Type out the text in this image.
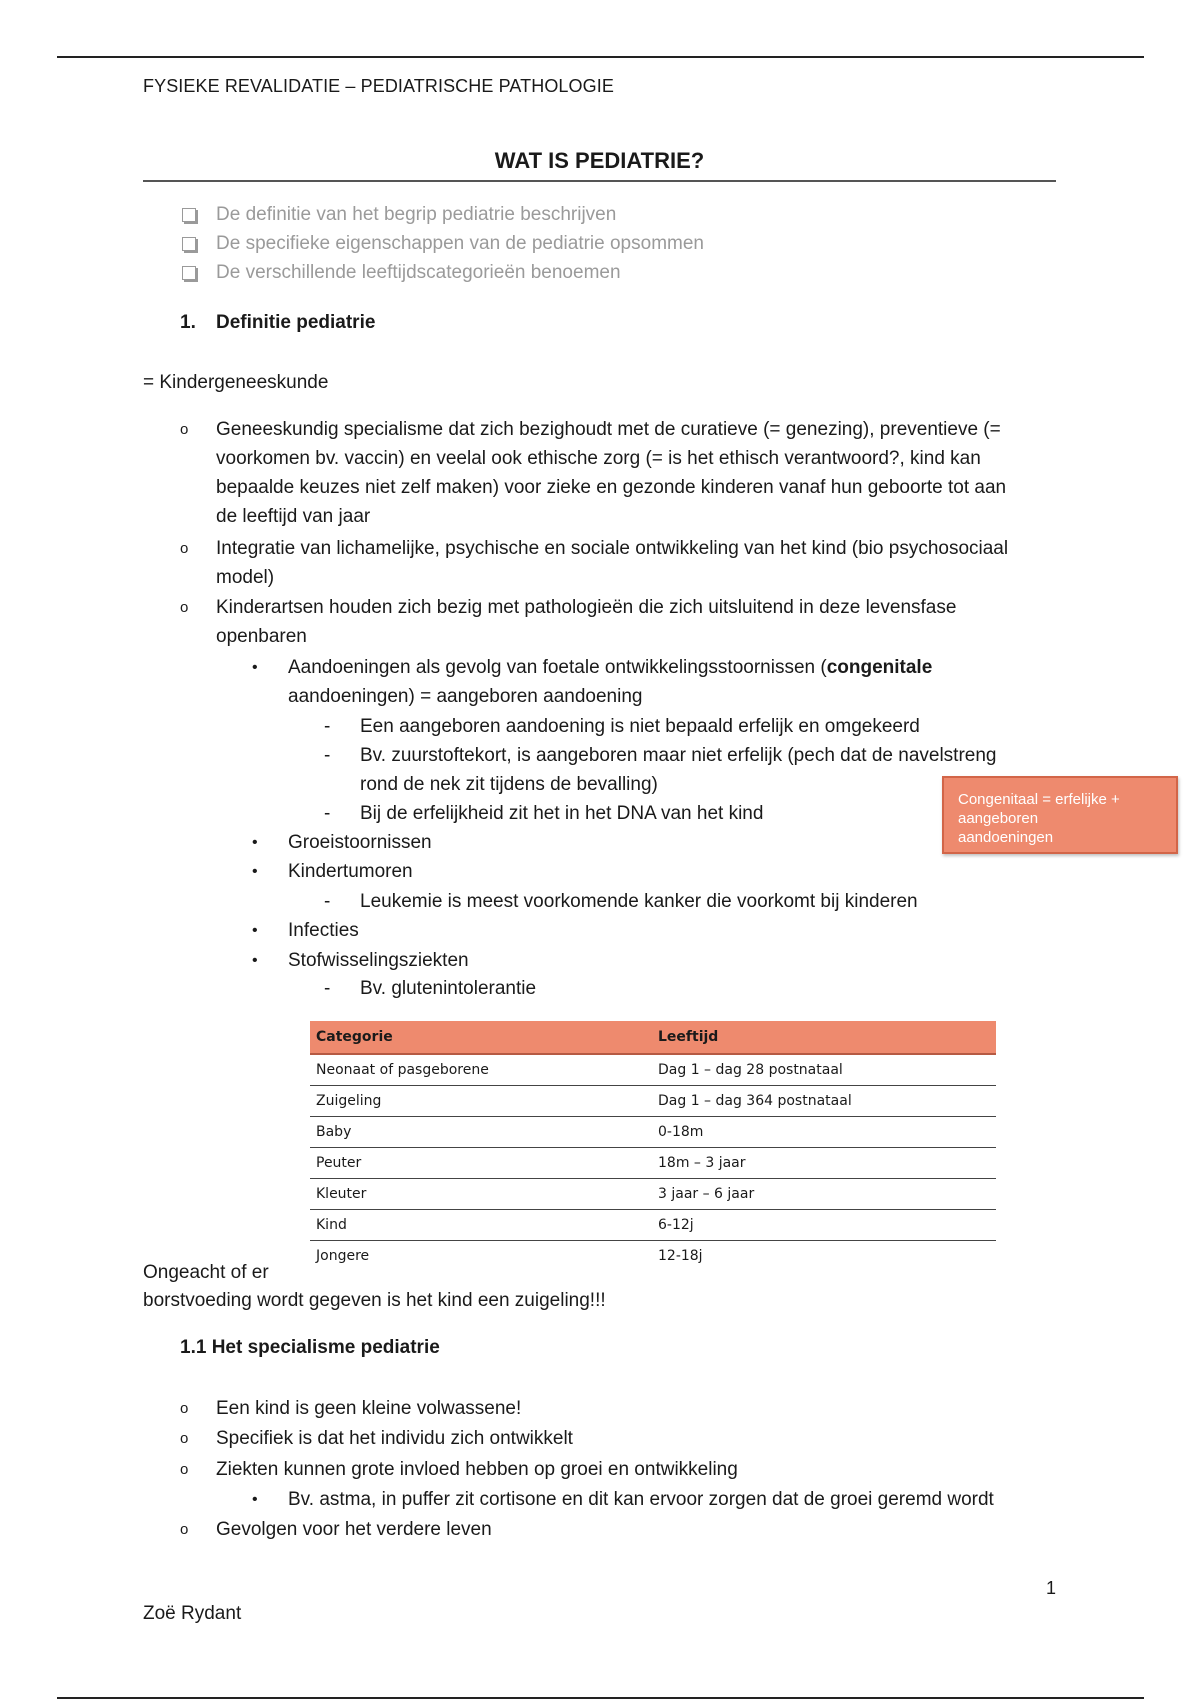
FYSIEKE REVALIDATIE – PEDIATRISCHE PATHOLOGIE
WAT IS PEDIATRIE?
De definitie van het begrip pediatrie beschrijven
De specifieke eigenschappen van de pediatrie opsommen
De verschillende leeftijdscategorieën benoemen
1. Definitie pediatrie
= Kindergeneeskunde
o Geneeskundig specialisme dat zich bezighoudt met de curatieve (= genezing), preventieve (=
voorkomen bv. vaccin) en veelal ook ethische zorg (= is het ethisch verantwoord?, kind kan
bepaalde keuzes niet zelf maken) voor zieke en gezonde kinderen vanaf hun geboorte tot aan
de leeftijd van jaar
o Integratie van lichamelijke, psychische en sociale ontwikkeling van het kind (bio psychosociaal
model)
o Kinderartsen houden zich bezig met pathologieën die zich uitsluitend in deze levensfase
openbaren
• Aandoeningen als gevolg van foetale ontwikkelingsstoornissen (congenitale
aandoeningen) = aangeboren aandoening
- Een aangeboren aandoening is niet bepaald erfelijk en omgekeerd
- Bv. zuurstoftekort, is aangeboren maar niet erfelijk (pech dat de navelstreng
rond de nek zit tijdens de bevalling)
- Bij de erfelijkheid zit het in het DNA van het kind
• Groeistoornissen
• Kindertumoren
- Leukemie is meest voorkomende kanker die voorkomt bij kinderen
• Infecties
• Stofwisselingsziekten
- Bv. glutenintolerantie
Congenitaal = erfelijke +
aangeboren
aandoeningen
Categorie	Leeftijd
Neonaat of pasgeborene	Dag 1 – dag 28 postnataal
Zuigeling	Dag 1 – dag 364 postnataal
Baby	0-18m
Peuter	18m – 3 jaar
Kleuter	3 jaar – 6 jaar
Kind	6-12j
Jongere	12-18j
Ongeacht of er
borstvoeding wordt gegeven is het kind een zuigeling!!!
1.1 Het specialisme pediatrie
o Een kind is geen kleine volwassene!
o Specifiek is dat het individu zich ontwikkelt
o Ziekten kunnen grote invloed hebben op groei en ontwikkeling
• Bv. astma, in puffer zit cortisone en dit kan ervoor zorgen dat de groei geremd wordt
o Gevolgen voor het verdere leven
1
Zoë Rydant
